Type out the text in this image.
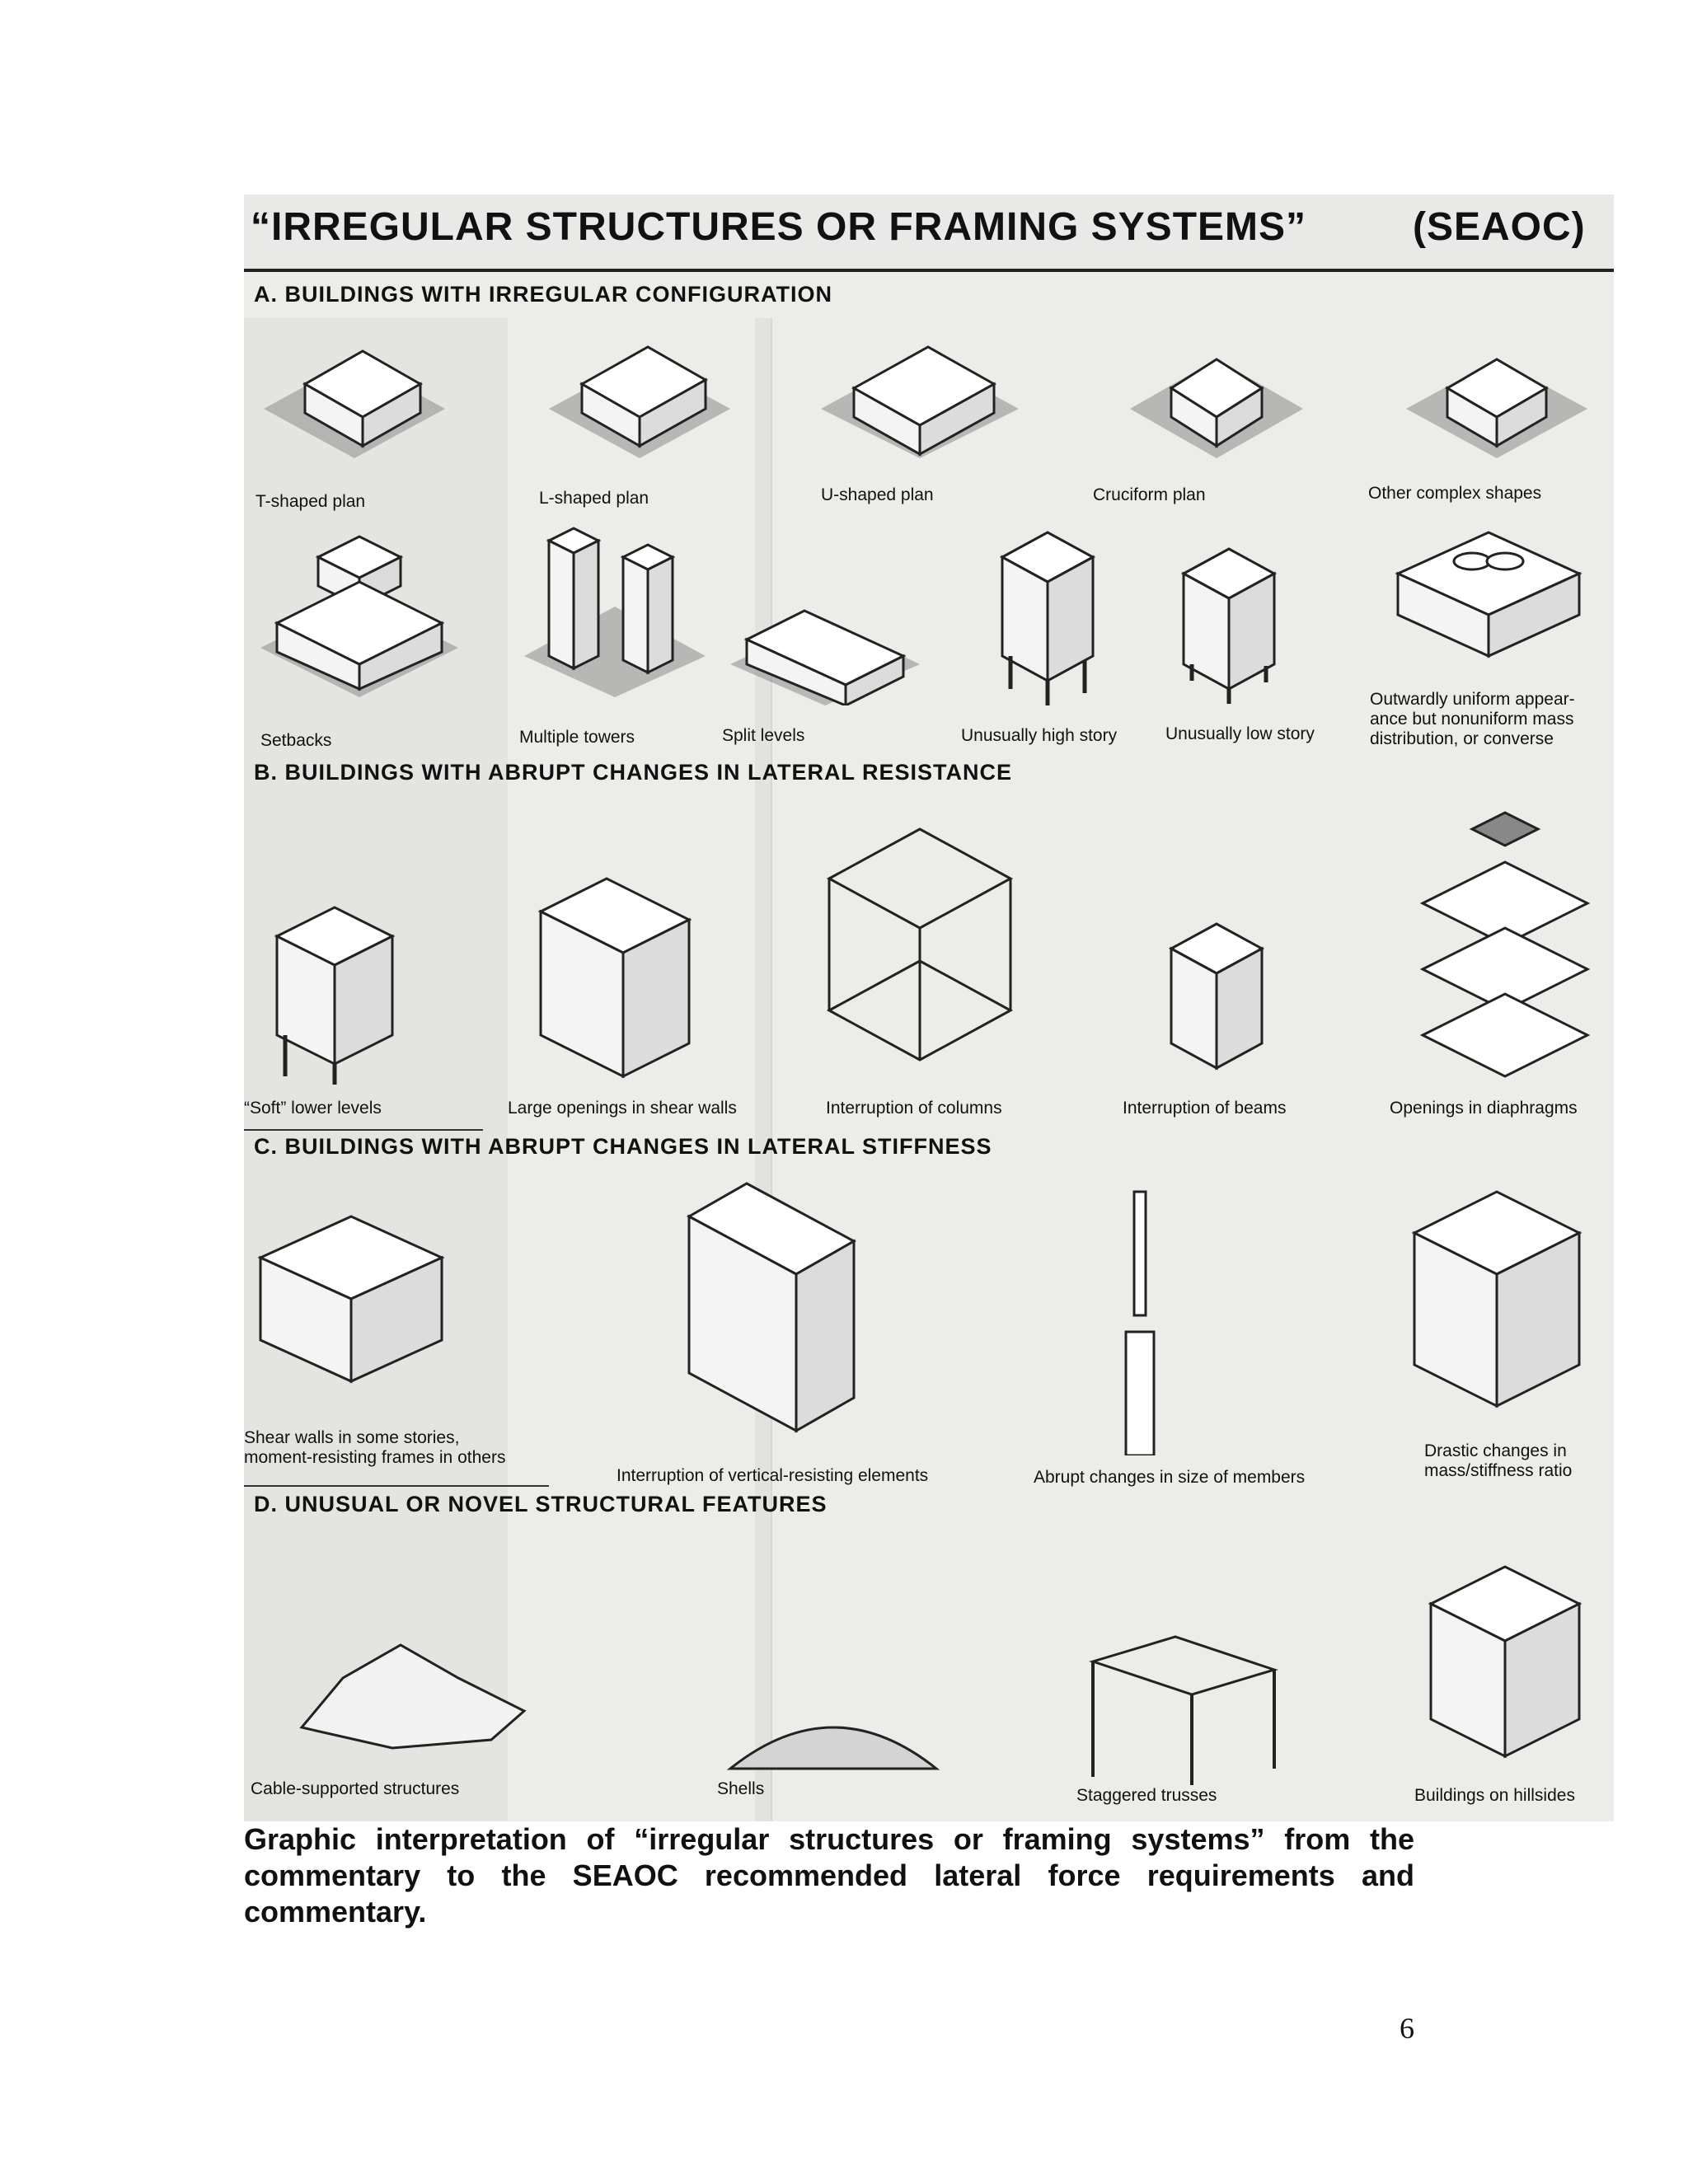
“IRREGULAR STRUCTURES OR FRAMING SYSTEMS”	(SEAOC)
A. BUILDINGS WITH IRREGULAR CONFIGURATION
T-shaped plan	L-shaped plan	U-shaped plan	Cruciform plan	Other complex shapes
Setbacks	Multiple towers	Split levels	Unusually high story	Unusually low story
Outwardly uniform appear-
ance but nonuniform mass
distribution, or converse
B. BUILDINGS WITH ABRUPT CHANGES IN LATERAL RESISTANCE
“Soft” lower levels	Large openings in shear walls	Interruption of columns	Interruption of beams	Openings in diaphragms
C. BUILDINGS WITH ABRUPT CHANGES IN LATERAL STIFFNESS
Shear walls in some stories,
moment-resisting frames in others
Interruption of vertical-resisting elements	Abrupt changes in size of members
Drastic changes in
mass/stiffness ratio
D. UNUSUAL OR NOVEL STRUCTURAL FEATURES
Cable-supported structures	Shells	Staggered trusses	Buildings on hillsides
Graphic interpretation of “irregular structures or framing systems” from the commentary to the SEAOC recommended lateral force requirements and commentary.
6
